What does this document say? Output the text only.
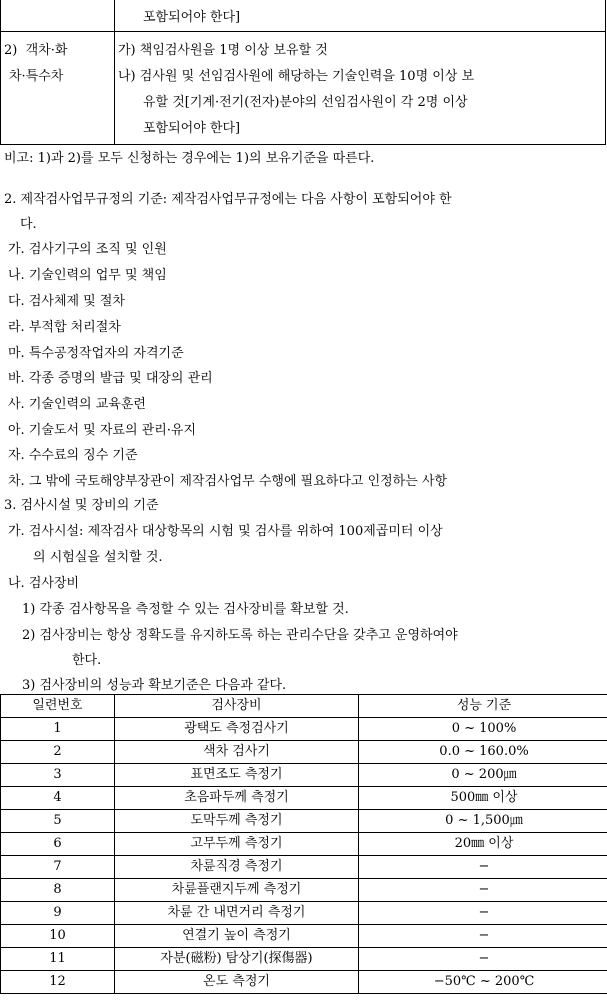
포함되어야 한다]
2)  객차·화
차·특수차
가) 책임검사원을 1명 이상 보유할 것
나) 검사원 및 선임검사원에 해당하는 기술인력을 10명 이상 보
유할 것[기계·전기(전자)분야의 선임검사원이 각 2명 이상
포함되어야 한다]
비고: 1)과 2)를 모두 신청하는 경우에는 1)의 보유기준을 따른다.
2. 제작검사업무규정의 기준: 제작검사업무규정에는 다음 사항이 포함되어야 한
다.
가. 검사기구의 조직 및 인원
나. 기술인력의 업무 및 책임
다. 검사체제 및 절차
라. 부적합 처리절차
마. 특수공정작업자의 자격기준
바. 각종 증명의 발급 및 대장의 관리
사. 기술인력의 교육훈련
아. 기술도서 및 자료의 관리·유지
자. 수수료의 징수 기준
차. 그 밖에 국토해양부장관이 제작검사업무 수행에 필요하다고 인정하는 사항
3. 검사시설 및 장비의 기준
가. 검사시설: 제작검사 대상항목의 시험 및 검사를 위하여 100제곱미터 이상
의 시험실을 설치할 것.
나. 검사장비
1) 각종 검사항목을 측정할 수 있는 검사장비를 확보할 것.
2) 검사장비는 항상 정확도를 유지하도록 하는 관리수단을 갖추고 운영하여야
한다.
3) 검사장비의 성능과 확보기준은 다음과 같다.
일련번호	검사장비	성능 기준
1	광택도 측정검사기	0 ~ 100%
2	색차 검사기	0.0 ~ 160.0%
3	표면조도 측정기	0 ~ 200㎛
4	초음파두께 측정기	500㎜ 이상
5	도막두께 측정기	0 ~ 1,500㎛
6	고무두께 측정기	20㎜ 이상
7	차륜직경 측정기	−
8	차륜플랜지두께 측정기	−
9	차륜 간 내면거리 측정기	−
10	연결기 높이 측정기	−
11	자분(磁粉) 탐상기(探傷器)	−
12	온도 측정기	−50℃ ~ 200℃
